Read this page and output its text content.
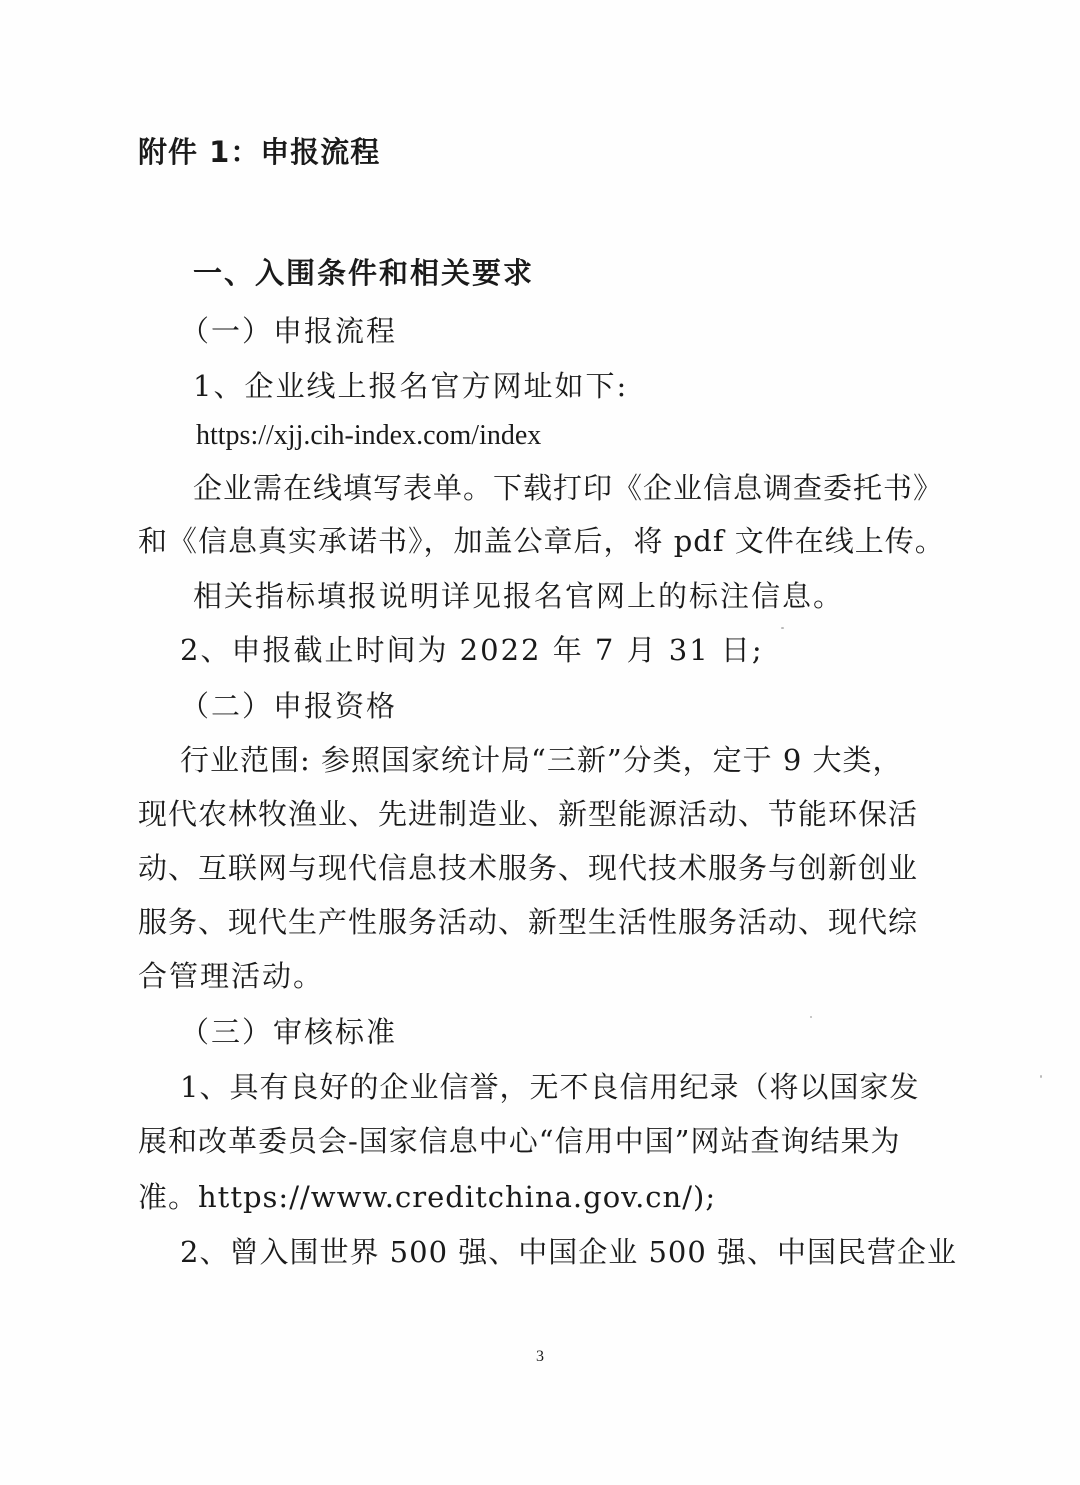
附件 1：申报流程
一、入围条件和相关要求
（一）申报流程
1、企业线上报名官方网址如下:
https://xjj.cih-index.com/index
企业需在线填写表单。下载打印《企业信息调查委托书》
和《信息真实承诺书》，加盖公章后，将 pdf 文件在线上传。
相关指标填报说明详见报名官网上的标注信息。
2、申报截止时间为 2022 年 7 月 31 日;
（二）申报资格
行业范围: 参照国家统计局“三新”分类，定于 9 大类，
现代农林牧渔业、先进制造业、新型能源活动、节能环保活
动、互联网与现代信息技术服务、现代技术服务与创新创业
服务、现代生产性服务活动、新型生活性服务活动、现代综
合管理活动。
（三）审核标准
1、具有良好的企业信誉，无不良信用纪录（将以国家发
展和改革委员会-国家信息中心“信用中国”网站查询结果为
准。https://www.creditchina.gov.cn/);
2、曾入围世界 500 强、中国企业 500 强、中国民营企业
3
